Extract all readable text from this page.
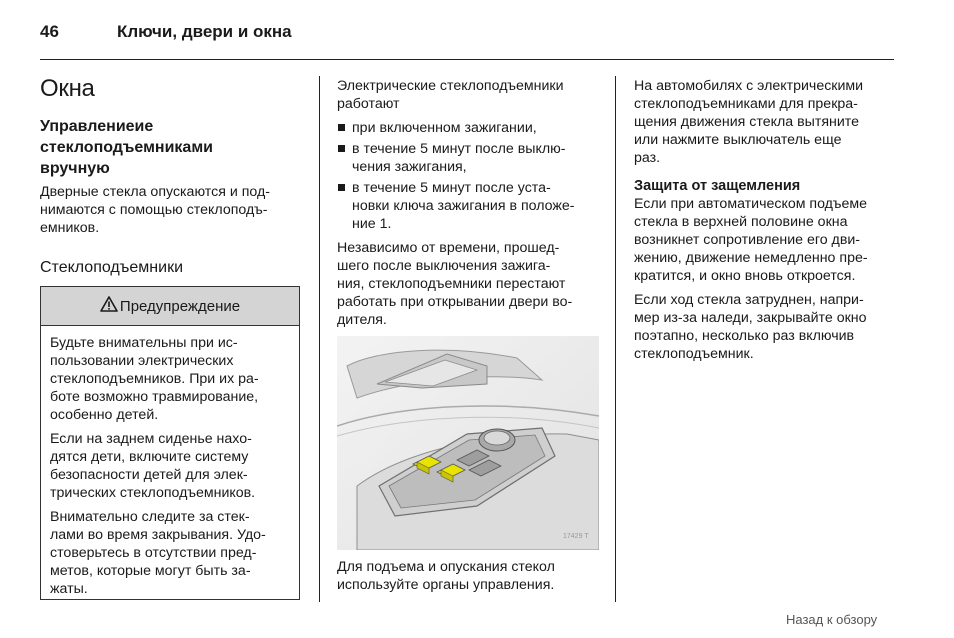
46	Ключи, двери и окна
Окна
Управлениеие
стеклоподъемниками
вручную
Дверные стекла опускаются и под-
нимаются с помощью стеклоподъ-
емников.
Стеклоподъемники
Предупреждение

Будьте внимательны при ис-
пользовании электрических
стеклоподъемников. При их ра-
боте возможно травмирование,
особенно детей.

Если на заднем сиденье нахо-
дятся дети, включите систему
безопасности детей для элек-
трических стеклоподъемников.

Внимательно следите за стек-
лами во время закрывания. Удо-
стоверьтесь в отсутствии пред-
метов, которые могут быть за-
жаты.

Электрические стеклоподъемники
работают

при включенном зажигании,
в течение 5 минут после выклю-
чения зажигания,
в течение 5 минут после уста-
новки ключа зажигания в положе-
ние 1.

Независимо от времени, прошед-
шего после выключения зажига-
ния, стеклоподъемники перестают
работать при открывании двери во-
дителя.

17429 T
Для подъема и опускания стекол
используйте органы управления.

На автомобилях с электрическими
стеклоподъемниками для прекра-
щения движения стекла вытяните
или нажмите выключатель еще
раз.

Защита от защемления

Если при автоматическом подъеме
стекла в верхней половине окна
возникнет сопротивление его дви-
жению, движение немедленно пре-
кратится, и окно вновь откроется.

Если ход стекла затруднен, напри-
мер из-за наледи, закрывайте окно
поэтапно, несколько раз включив
стеклоподъемник.

Назад к обзору
